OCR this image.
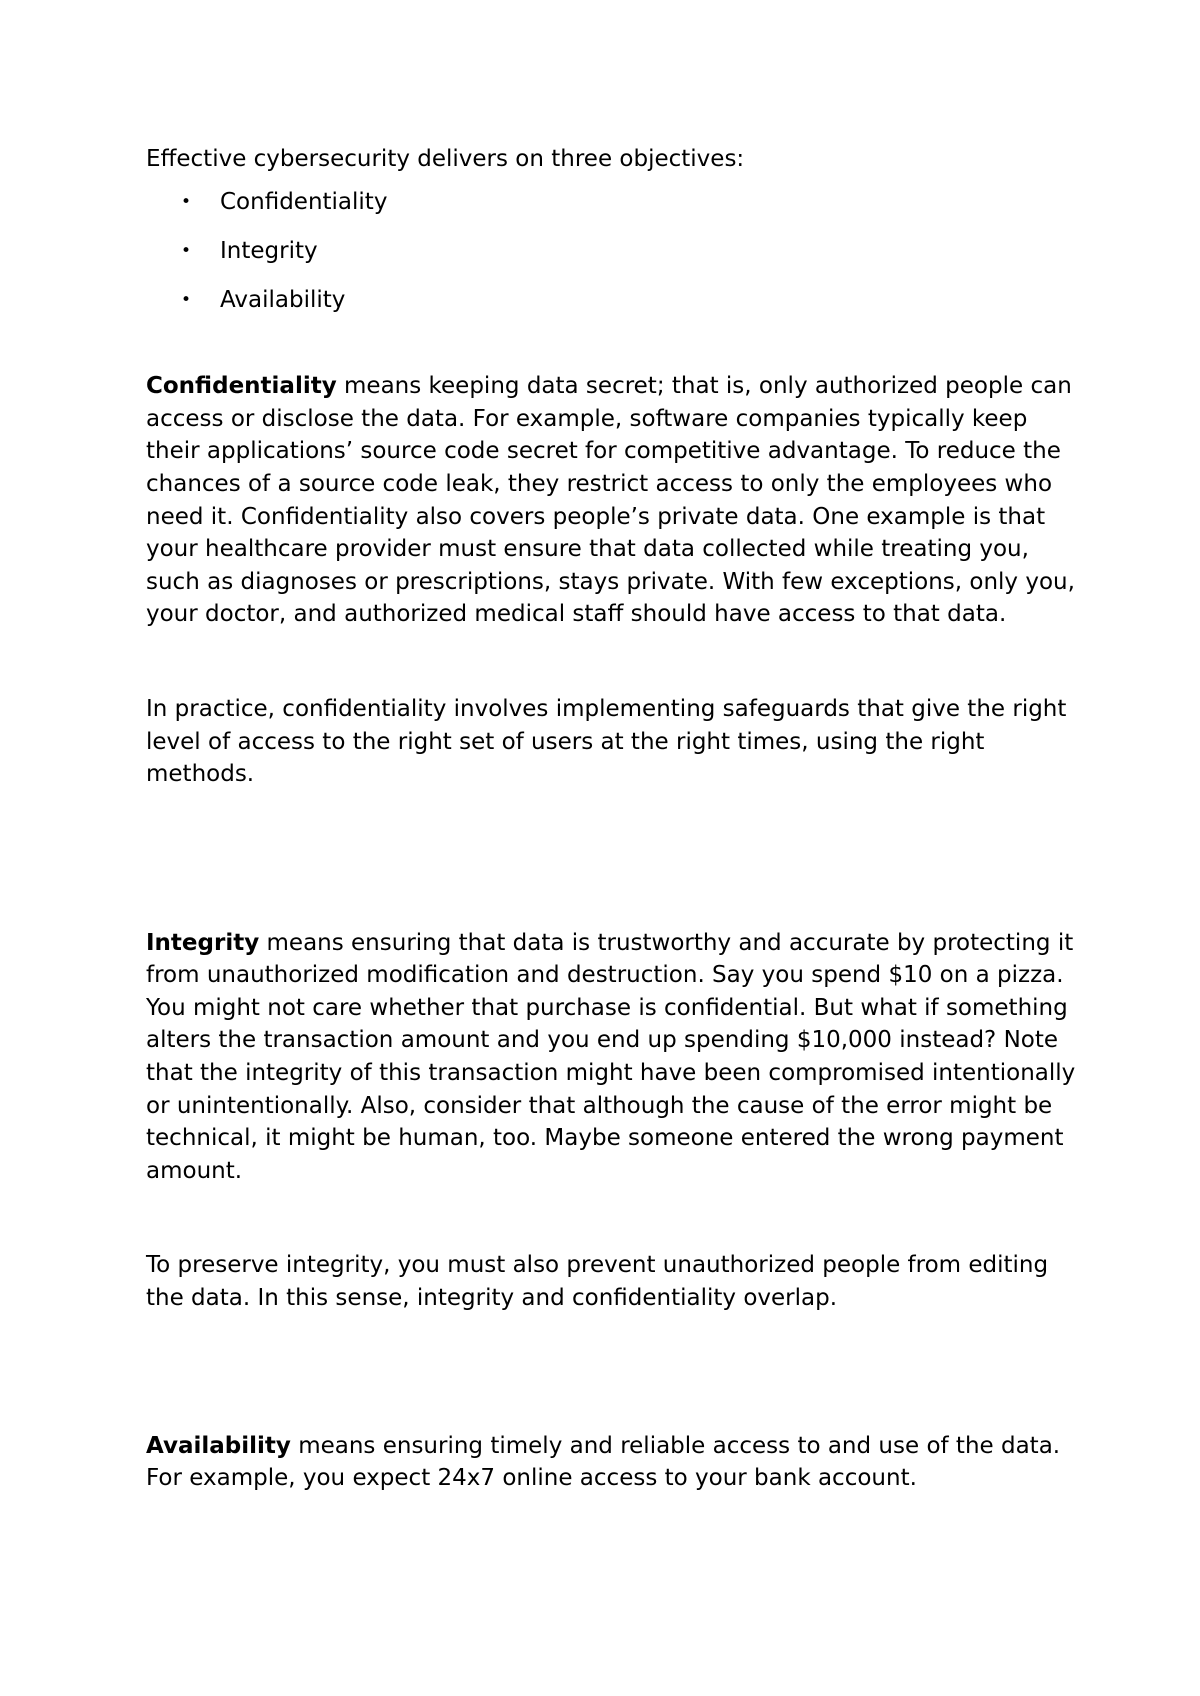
Effective cybersecurity delivers on three objectives:

• Confidentiality
• Integrity
• Availability

Confidentiality means keeping data secret; that is, only authorized people can access or disclose the data. For example, software companies typically keep their applications’ source code secret for competitive advantage. To reduce the chances of a source code leak, they restrict access to only the employees who need it. Confidentiality also covers people’s private data. One example is that your healthcare provider must ensure that data collected while treating you, such as diagnoses or prescriptions, stays private. With few exceptions, only you, your doctor, and authorized medical staff should have access to that data.

In practice, confidentiality involves implementing safeguards that give the right level of access to the right set of users at the right times, using the right methods.

Integrity means ensuring that data is trustworthy and accurate by protecting it from unauthorized modification and destruction. Say you spend $10 on a pizza. You might not care whether that purchase is confidential. But what if something alters the transaction amount and you end up spending $10,000 instead? Note that the integrity of this transaction might have been compromised intentionally or unintentionally. Also, consider that although the cause of the error might be technical, it might be human, too. Maybe someone entered the wrong payment amount.

To preserve integrity, you must also prevent unauthorized people from editing the data. In this sense, integrity and confidentiality overlap.

Availability means ensuring timely and reliable access to and use of the data. For example, you expect 24x7 online access to your bank account.
